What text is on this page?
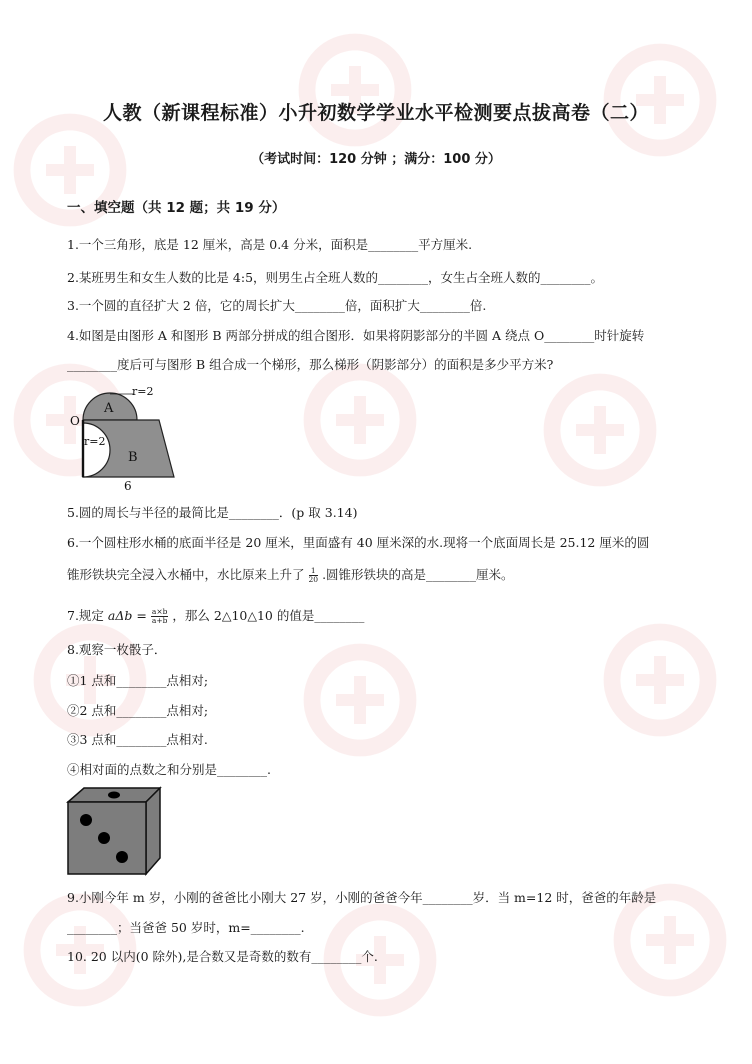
人教（新课程标准）小升初数学学业水平检测要点拔高卷（二）
（考试时间：120 分钟 ；满分：100 分）
一、填空题（共 12 题；共 19 分）
1.一个三角形，底是 12 厘米，高是 0.4 分米，面积是________平方厘米.
2.某班男生和女生人数的比是 4:5，则男生占全班人数的________，女生占全班人数的________。
3.一个圆的直径扩大 2 倍，它的周长扩大________倍，面积扩大________倍.
4.如图是由图形 A 和图形 B 两部分拼成的组合图形．如果将阴影部分的半圆 A 绕点 O________时针旋转
________度后可与图形 B 组合成一个梯形，那么梯形（阴影部分）的面积是多少平方米?
A
B
O
r=2
r=2
6
5.圆的周长与半径的最简比是________．(p 取 3.14)
6.一个圆柱形水桶的底面半径是 20 厘米，里面盛有 40 厘米深的水.现将一个底面周长是 25.12 厘米的圆
锥形铁块完全浸入水桶中，水比原来上升了 $\frac{1}{20}$ .圆锥形铁块的高是________厘米。
7.规定 $a\Delta b = \frac{a\times b}{a+b}$ ，那么 2△10△10 的值是________
8.观察一枚骰子．
①1 点和________点相对;
②2 点和________点相对;
③3 点和________点相对.
④相对面的点数之和分别是________.
9.小刚今年 m 岁，小刚的爸爸比小刚大 27 岁，小刚的爸爸今年________岁．当 m=12 时，爸爸的年龄是
________；当爸爸 50 岁时，m=________.
10. 20 以内(0 除外),是合数又是奇数的数有________个.
